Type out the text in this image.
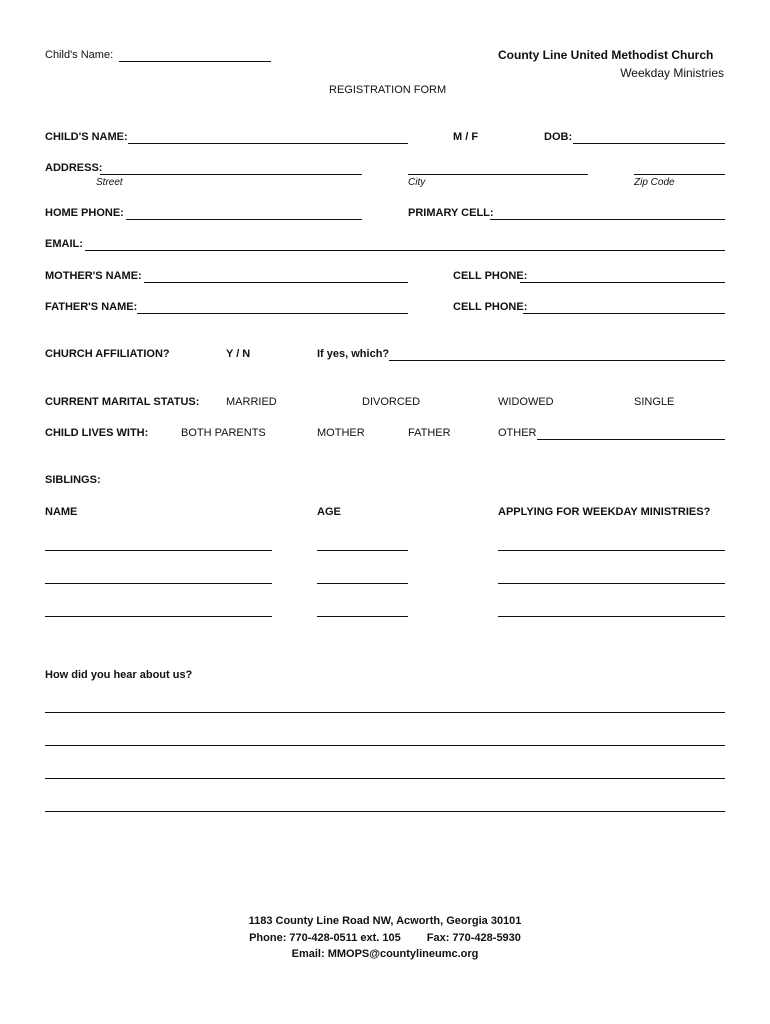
Child's Name:	County Line United Methodist Church
Weekday Ministries
REGISTRATION FORM
CHILD'S NAME:	M / F	DOB:
ADDRESS:
Street	City	Zip Code
HOME PHONE:	PRIMARY CELL:
EMAIL:
MOTHER'S NAME:	CELL PHONE:
FATHER'S NAME:	CELL PHONE:
CHURCH AFFILIATION?	Y / N	If yes, which?
CURRENT MARITAL STATUS: MARRIED	DIVORCED	WIDOWED	SINGLE
CHILD LIVES WITH:	BOTH PARENTS	MOTHER	FATHER	OTHER
SIBLINGS:
NAME	AGE	APPLYING FOR WEEKDAY MINISTRIES?
How did you hear about us?
1183 County Line Road NW, Acworth, Georgia 30101
Phone: 770-428-0511 ext. 105 Fax: 770-428-5930
Email: MMOPS@countylineumc.org
